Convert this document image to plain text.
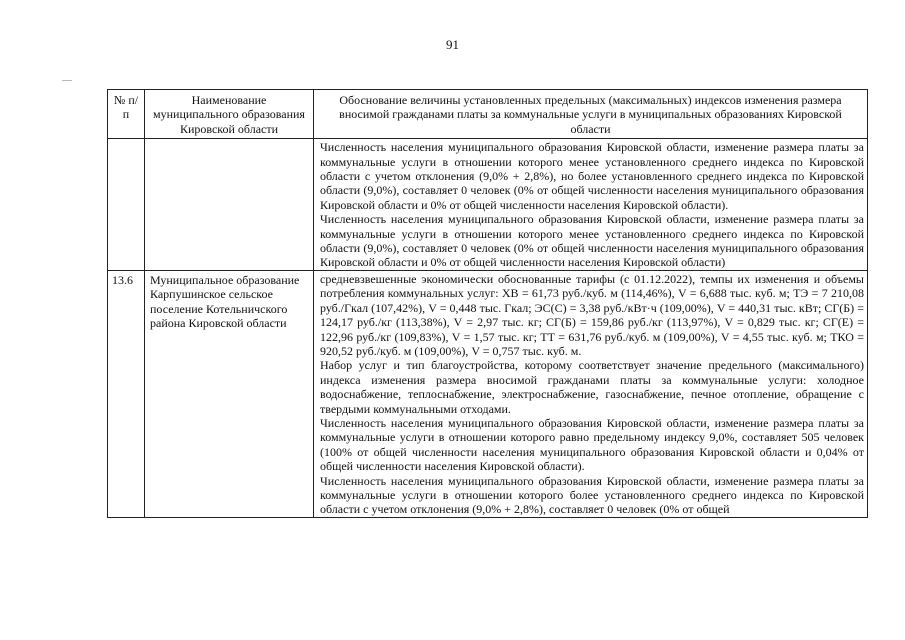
91
№ п/п	Наименование муниципального образования Кировской области	Обоснование величины установленных предельных (максимальных) индексов изменения размера вносимой гражданами платы за коммунальные услуги в муниципальных образованиях Кировской области

		Численность населения муниципального образования Кировской области, изменение размера платы за коммунальные услуги в отношении которого менее установленного среднего индекса по Кировской области с учетом отклонения (9,0% + 2,8%), но более установленного среднего индекса по Кировской области (9,0%), составляет 0 человек (0% от общей численности населения муниципального образования Кировской области и 0% от общей численности населения Кировской области).

Численность населения муниципального образования Кировской области, изменение размера платы за коммунальные услуги в отношении которого менее установленного среднего индекса по Кировской области (9,0%), составляет 0 человек (0% от общей численности населения муниципального образования Кировской области и 0% от общей численности населения Кировской области)

13.6	Муниципальное образование Карпушинское сельское поселение Котельничского района Кировской области	средневзвешенные экономически обоснованные тарифы (с 01.12.2022), темпы их изменения и объемы потребления коммунальных услуг: ХВ = 61,73 руб./куб. м (114,46%), V = 6,688 тыс. куб. м; ТЭ = 7 210,08 руб./Гкал (107,42%), V = 0,448 тыс. Гкал; ЭС(С) = 3,38 руб./кВт·ч (109,00%), V = 440,31 тыс. кВт; СГ(Б) = 124,17 руб./кг (113,38%), V = 2,97 тыс. кг; СГ(Б) = 159,86 руб./кг (113,97%), V = 0,829 тыс. кг; СГ(Е) = 122,96 руб./кг (109,83%), V = 1,57 тыс. кг; ТТ = 631,76 руб./куб. м (109,00%), V = 4,55 тыс. куб. м; ТКО = 920,52 руб./куб. м (109,00%), V = 0,757 тыс. куб. м.

Набор услуг и тип благоустройства, которому соответствует значение предельного (максимального) индекса изменения размера вносимой гражданами платы за коммунальные услуги: холодное водоснабжение, теплоснабжение, электроснабжение, газоснабжение, печное отопление, обращение с твердыми коммунальными отходами.

Численность населения муниципального образования Кировской области, изменение размера платы за коммунальные услуги в отношении которого равно предельному индексу 9,0%, составляет 505 человек (100% от общей численности населения муниципального образования Кировской области и 0,04% от общей численности населения Кировской области).

Численность населения муниципального образования Кировской области, изменение размера платы за коммунальные услуги в отношении которого более установленного среднего индекса по Кировской области с учетом отклонения (9,0% + 2,8%), составляет 0 человек (0% от общей
